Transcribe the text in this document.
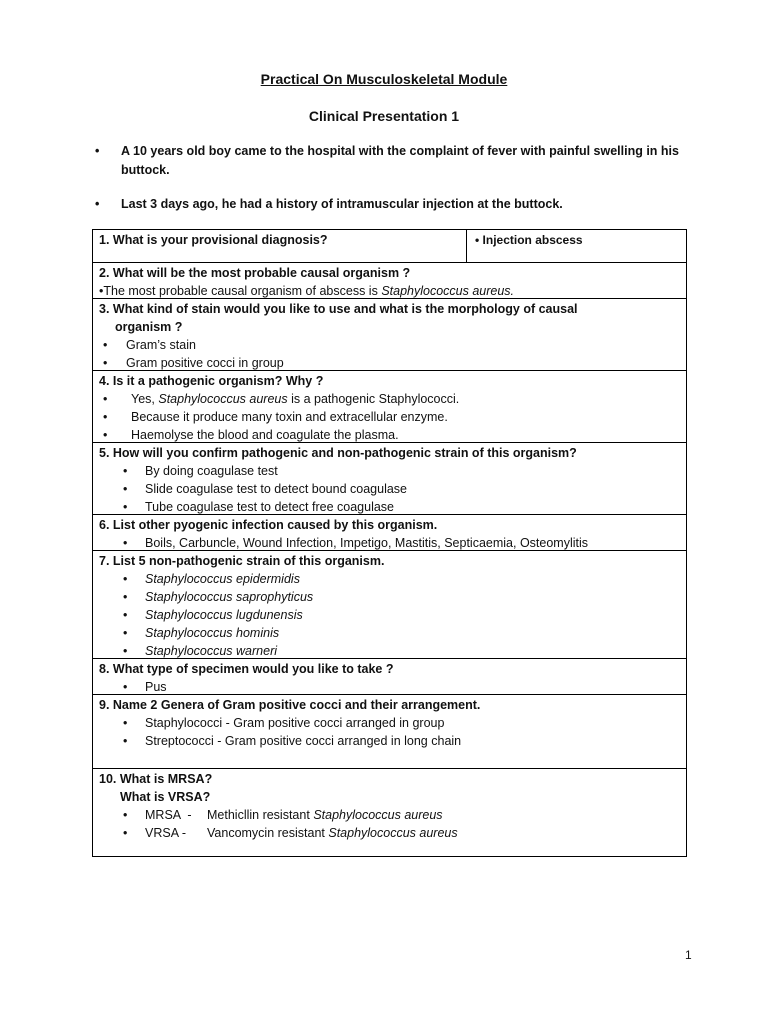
Practical On Musculoskeletal Module
Clinical Presentation 1
• A 10 years old boy came to the hospital with the complaint of fever with painful swelling in his buttock.
• Last 3 days ago, he had a history of intramuscular injection at the buttock.
1. What is your provisional diagnosis?	• Injection abscess
2. What will be the most probable causal organism ?
•The most probable causal organism of abscess is Staphylococcus aureus.
3. What kind of stain would you like to use and what is the morphology of causal
organism ?
• Gram’s stain
• Gram positive cocci in group
4. Is it a pathogenic organism? Why ?
• Yes, Staphylococcus aureus is a pathogenic Staphylococci.
• Because it produce many toxin and extracellular enzyme.
• Haemolyse the blood and coagulate the plasma.
5. How will you confirm pathogenic and non-pathogenic strain of this organism?
• By doing coagulase test
• Slide coagulase test to detect bound coagulase
• Tube coagulase test to detect free coagulase
6. List other pyogenic infection caused by this organism.
• Boils, Carbuncle, Wound Infection, Impetigo, Mastitis, Septicaemia, Osteomylitis
7. List 5 non-pathogenic strain of this organism.
• Staphylococcus epidermidis
• Staphylococcus saprophyticus
• Staphylococcus lugdunensis
• Staphylococcus hominis
• Staphylococcus warneri
8. What type of specimen would you like to take ?
• Pus
9. Name 2 Genera of Gram positive cocci and their arrangement.
• Staphylococci - Gram positive cocci arranged in group
• Streptococci - Gram positive cocci arranged in long chain
10. What is MRSA?
What is VRSA?
• MRSA  - Methicllin resistant Staphylococcus aureus
• VRSA - Vancomycin resistant Staphylococcus aureus
1
